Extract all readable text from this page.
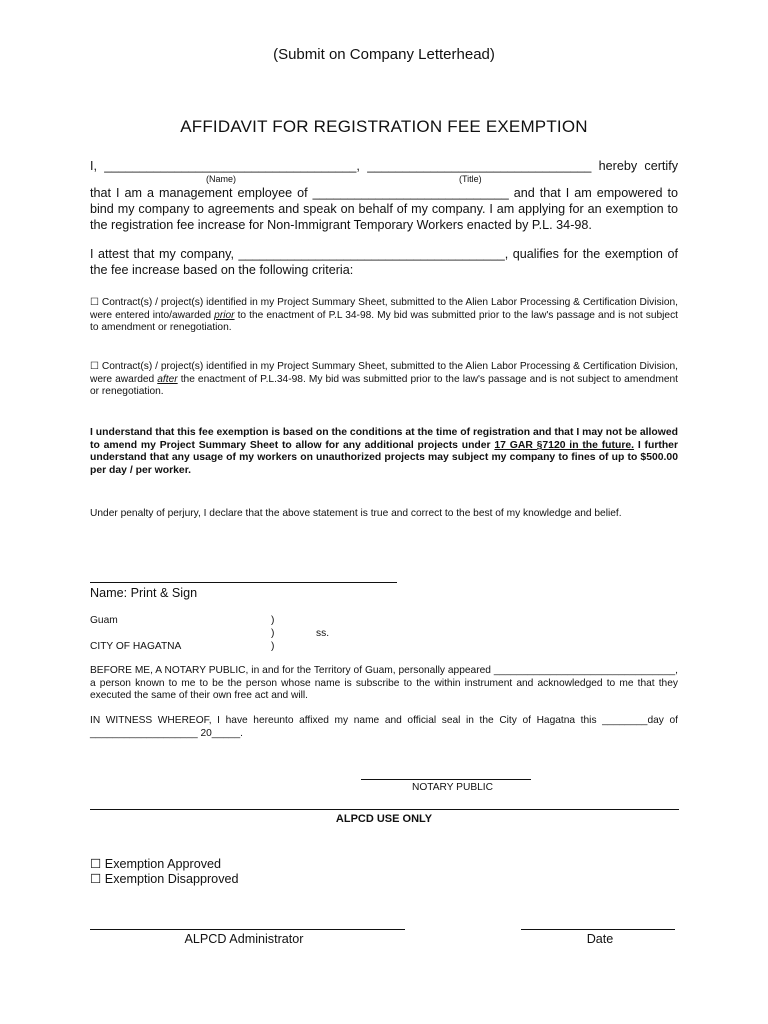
(Submit on Company Letterhead)
AFFIDAVIT FOR REGISTRATION FEE EXEMPTION
I, ____________________________________, ________________________________ hereby certify
(Name)	(Title)
that I am a management employee of ____________________________ and that I am empowered to bind my company to agreements and speak on behalf of my company. I am applying for an exemption to the registration fee increase for Non-Immigrant Temporary Workers enacted by P.L. 34-98.
I attest that my company, ______________________________________, qualifies for the exemption of the fee increase based on the following criteria:
☐ Contract(s) / project(s) identified in my Project Summary Sheet, submitted to the Alien Labor Processing & Certification Division, were entered into/awarded prior to the enactment of P.L 34-98. My bid was submitted prior to the law's passage and is not subject to amendment or renegotiation.
☐ Contract(s) / project(s) identified in my Project Summary Sheet, submitted to the Alien Labor Processing & Certification Division, were awarded after the enactment of P.L.34-98. My bid was submitted prior to the law's passage and is not subject to amendment or renegotiation.
I understand that this fee exemption is based on the conditions at the time of registration and that I may not be allowed to amend my Project Summary Sheet to allow for any additional projects under 17 GAR §7120 in the future. I further understand that any usage of my workers on unauthorized projects may subject my company to fines of up to $500.00 per day / per worker.
Under penalty of perjury, I declare that the above statement is true and correct to the best of my knowledge and belief.
Name: Print & Sign
Guam	)
)	ss.
CITY OF HAGATNA	)
BEFORE ME, A NOTARY PUBLIC, in and for the Territory of Guam, personally appeared ________________________________, a person known to me to be the person whose name is subscribe to the within instrument and acknowledged to me that they executed the same of their own free act and will.
IN WITNESS WHEREOF, I have hereunto affixed my name and official seal in the City of Hagatna this ________day of ___________________ 20_____.
NOTARY PUBLIC
ALPCD USE ONLY
☐ Exemption Approved
☐ Exemption Disapproved
ALPCD Administrator	Date
